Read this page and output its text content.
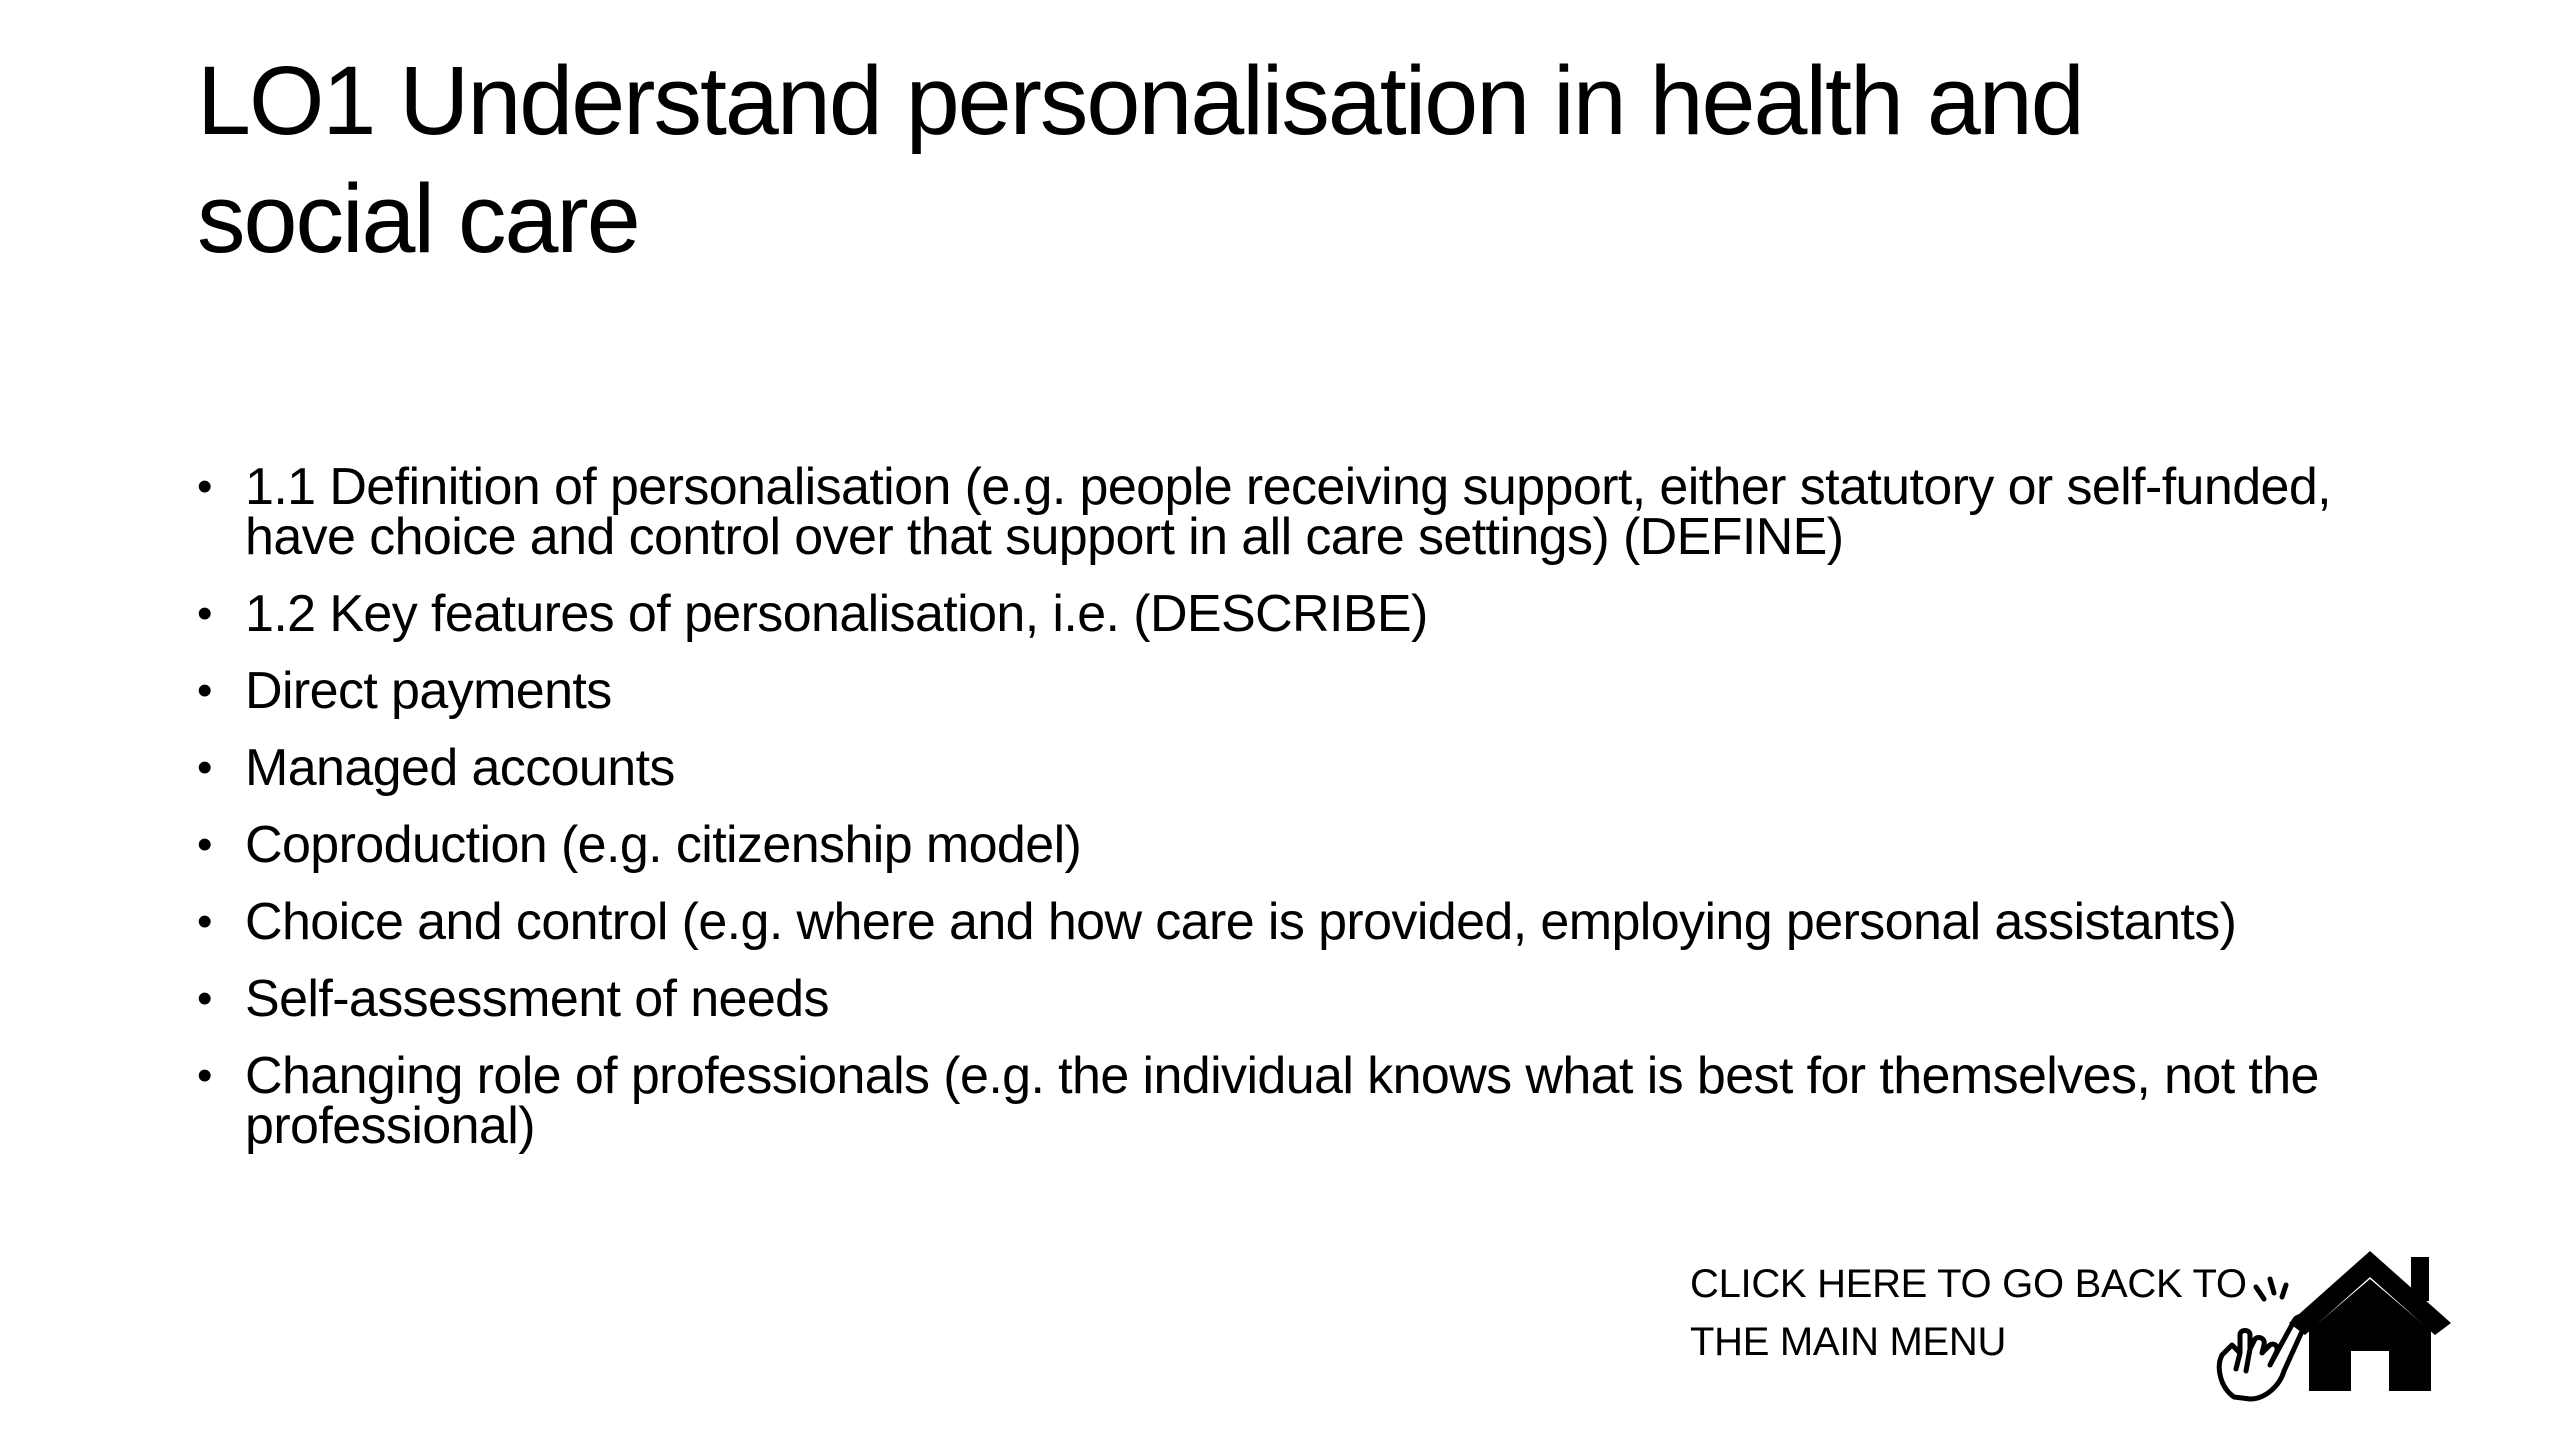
LO1 Understand personalisation in health and social care
• 1.1 Definition of personalisation (e.g. people receiving support, either statutory or self-funded, have choice and control over that support in all care settings) (DEFINE)
• 1.2 Key features of personalisation, i.e. (DESCRIBE)
• Direct payments
• Managed accounts
• Coproduction (e.g. citizenship model)
• Choice and control (e.g. where and how care is provided, employing personal assistants)
• Self-assessment of needs
• Changing role of professionals (e.g. the individual knows what is best for themselves, not the professional)
CLICK HERE TO GO BACK TO
THE MAIN MENU
